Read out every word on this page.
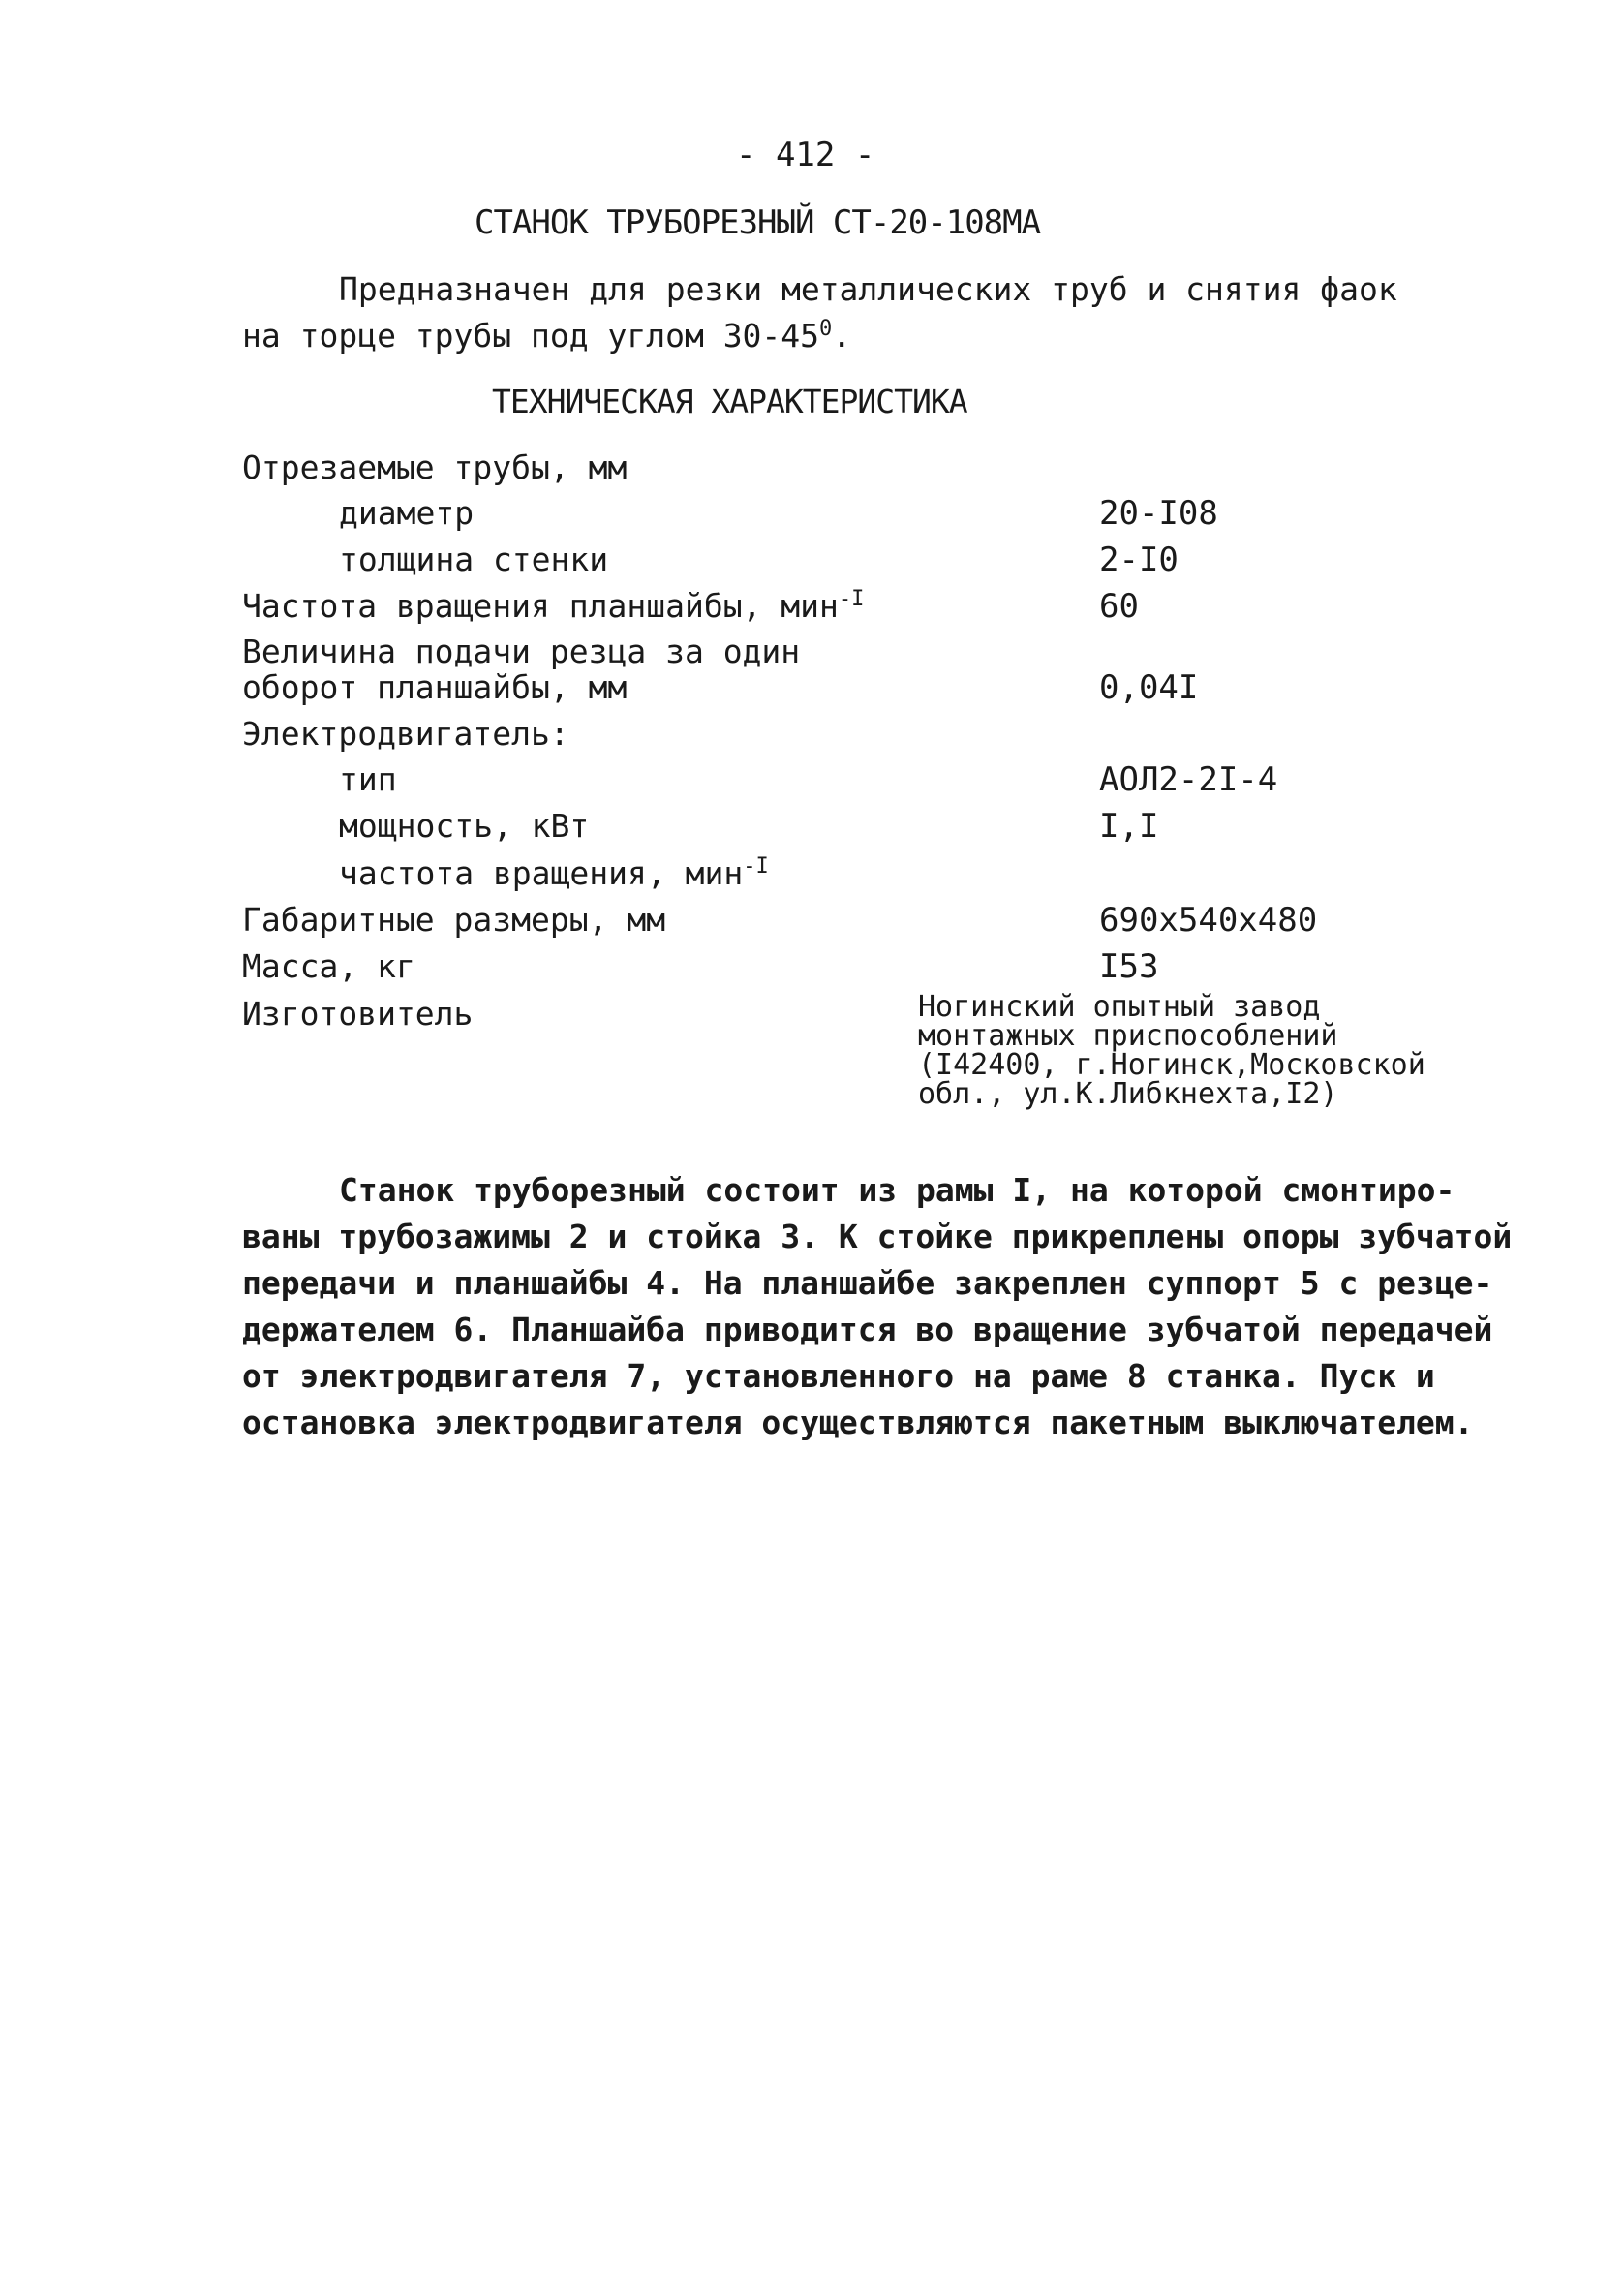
- 412 -
СТАНОК ТРУБОРЕЗНЫЙ СТ-20-108МА
Предназначен для резки металлических труб и снятия фаок
на торце трубы под углом $30-45^0$.
ТЕХНИЧЕСКАЯ ХАРАКТЕРИСТИКА
Отрезаемые трубы, мм
диаметр	20-I08
толщина стенки	2-I0
Частота вращения планшайбы, мин$^{-I}$	60
Величина подачи резца за один
оборот планшайбы, мм	0,04I
Электродвигатель:
тип	АОЛ2-2I-4
мощность, кВт	I,I
частота вращения, мин$^{-I}$
Габаритные размеры, мм	690х540х480
Масса, кг	I53
Изготовитель	Ногинский опытный завод
монтажных приспособлений
(I42400, г.Ногинск,Московской
обл., ул.К.Либкнехта,I2)
Станок труборезный состоит из рамы I, на которой смонтиро-
ваны трубозажимы 2 и стойка 3. К стойке прикреплены опоры зубчатой
передачи и планшайбы 4. На планшайбе закреплен суппорт 5 с резце-
держателем 6. Планшайба приводится во вращение зубчатой передачей
от электродвигателя 7, установленного на раме 8 станка. Пуск и
остановка электродвигателя осуществляются пакетным выключателем.
